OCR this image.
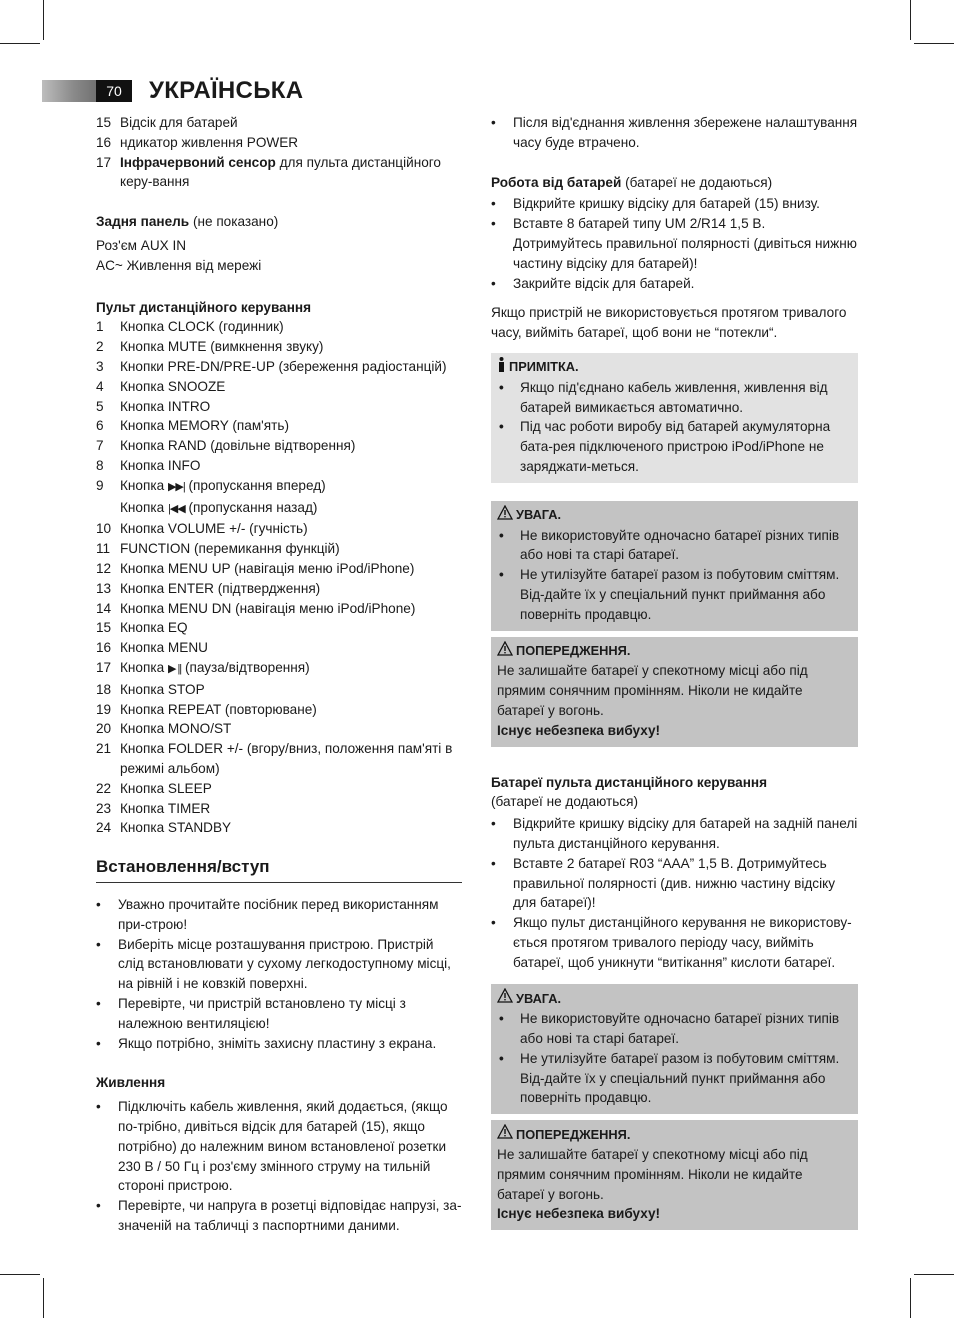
70	УКРАЇНСЬКА
15 Відсік для батарей
16 ндикатор живлення POWER
17 Інфрачервоний сенсор для пульта дистанційного керу-вання
Задня панель (не показано)
Роз'єм AUX IN
AC~ Живлення від мережі
Пульт дистанційного керування
1	Кнопка CLOCK (годинник)
2	Кнопка MUTE (вимкнення звуку)
3	Кнопки PRE-DN/PRE-UP (збереження радіостанцій)
4	Кнопка SNOOZE
5	Кнопка INTRO
6	Кнопка MEMORY (пам'ять)
7	Кнопка RAND (довільне відтворення)
8	Кнопка INFO
9	Кнопка ▶▶| (пропускання вперед)
Кнопка |◀◀ (пропускання назад)
10 Кнопка VOLUME +/- (гучність)
11 FUNCTION (перемикання функцій)
12 Кнопка MENU UP (навігація меню iPod/iPhone)
13 Кнопка ENTER (підтвердження)
14 Кнопка MENU DN (навігація меню iPod/iPhone)
15 Кнопка EQ
16 Кнопка MENU
17 Кнопка ▶ || (пауза/відтворення)
18 Кнопка STOP
19 Кнопка REPEAT (повторюване)
20 Кнопка MONO/ST
21 Кнопка FOLDER +/- (вгору/вниз, положення пам'яті в режимі альбом)
22 Кнопка SLEEP
23 Кнопка TIMER
24 Кнопка STANDBY
Встановлення/вступ
•	Уважно прочитайте посібник перед використанням при-строю!
•	Виберіть місце розташування пристрою. Пристрій слід встановлювати у сухому легкодоступному місці, на рівній і не ковзкій поверхні.
•	Перевірте, чи пристрій встановлено ту місці з належною вентиляцією!
•	Якщо потрібно, зніміть захисну пластину з екрана.
Живлення
•	Підключіть кабель живлення, який додається, (якщо по-трібно, дивіться відсік для батарей (15), якщо потрібно) до належним вином встановленої розетки 230 В / 50 Гц і роз'єму змінного струму на тильній стороні пристрою.
•	Перевірте, чи напруга в розетці відповідає напрузі, за-значеній на табличці з паспортними даними.
•	Після від'єднання живлення збережене налаштування часу буде втрачено.
Робота від батарей (батареї не додаються)
•	Відкрийте кришку відсіку для батарей (15) внизу.
•	Вставте 8 батарей типу UM 2/R14 1,5 В. Дотримуйтесь правильної полярності (дивіться нижню частину відсіку для батарей)!
•	Закрийте відсік для батарей.
Якщо пристрій не використовується протягом тривалого часу, вийміть батареї, щоб вони не “потекли“.
ПРИМІТКА.
•	Якщо під'єднано кабель живлення, живлення від батарей вимикається автоматично.
•	Під час роботи виробу від батарей акумуляторна бата-рея підключеного пристрою iPod/iPhone не заряджати-меться.
УВАГА.
•	Не використовуйте одночасно батареї різних типів або нові та старі батареї.
•	Не утилізуйте батареї разом із побутовим сміттям. Від-дайте їх у спеціальний пункт приймання або поверніть продавцю.
ПОПЕРЕДЖЕННЯ.
Не залишайте батареї у спекотному місці або під прямим сонячним промінням. Ніколи не кидайте батареї у вогонь.
Існує небезпека вибуху!
Батареї пульта дистанційного керування
(батареї не додаються)
•	Відкрийте кришку відсіку для батарей на задній панелі пульта дистанційного керування.
•	Вставте 2 батареї R03 “AAA” 1,5 В. Дотримуйтесь правильної полярності (див. нижню частину відсіку для батареї)!
•	Якщо пульт дистанційного керування не використову-ється протягом тривалого періоду часу, вийміть батареї, щоб уникнути “витікання” кислоти батареї.
УВАГА.
•	Не використовуйте одночасно батареї різних типів або нові та старі батареї.
•	Не утилізуйте батареї разом із побутовим сміттям. Від-дайте їх у спеціальний пункт приймання або поверніть продавцю.
ПОПЕРЕДЖЕННЯ.
Не залишайте батареї у спекотному місці або під прямим сонячним промінням. Ніколи не кидайте батареї у вогонь.
Існує небезпека вибуху!
